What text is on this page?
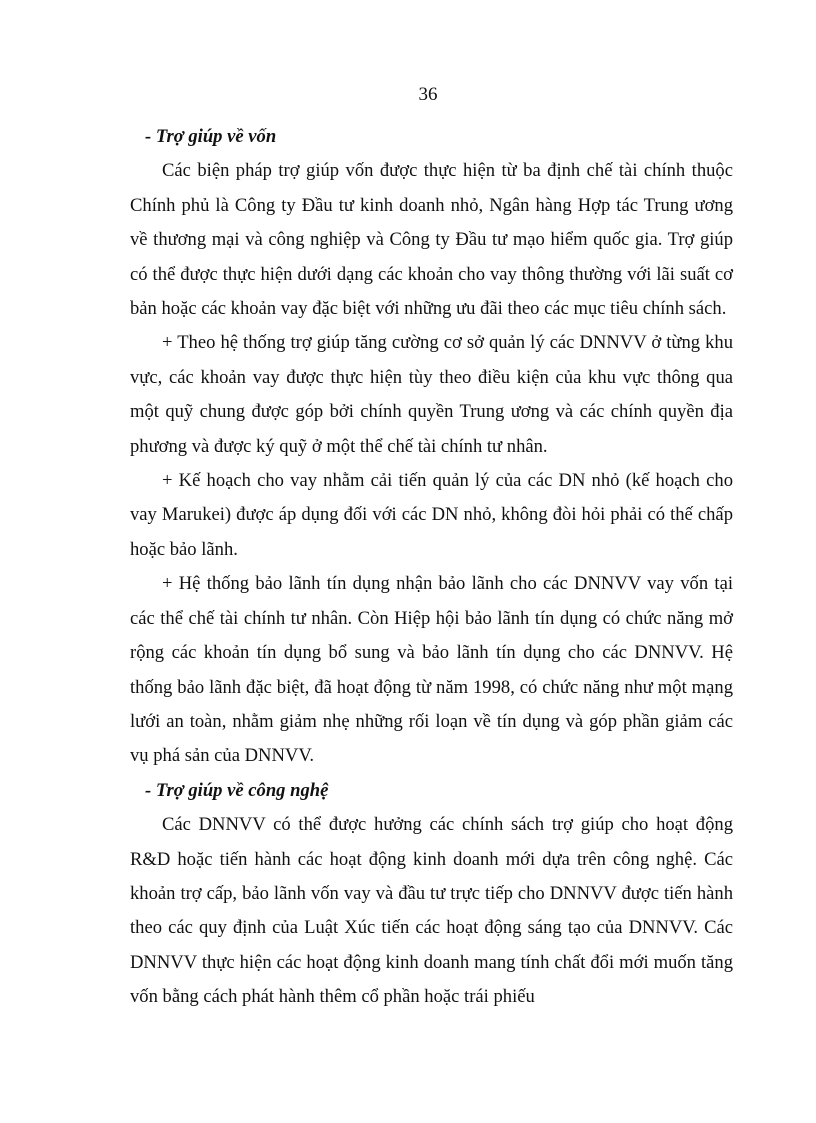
36

- Trợ giúp về vốn

Các biện pháp trợ giúp vốn được thực hiện từ ba định chế tài chính thuộc Chính phủ là Công ty Đầu tư kinh doanh nhỏ, Ngân hàng Hợp tác Trung ương về thương mại và công nghiệp và Công ty Đầu tư mạo hiểm quốc gia. Trợ giúp có thể được thực hiện dưới dạng các khoản cho vay thông thường với lãi suất cơ bản hoặc các khoản vay đặc biệt với những ưu đãi theo các mục tiêu chính sách.

+ Theo hệ thống trợ giúp tăng cường cơ sở quản lý các DNNVV ở từng khu vực, các khoản vay được thực hiện tùy theo điều kiện của khu vực thông qua một quỹ chung được góp bởi chính quyền Trung ương và các chính quyền địa phương và được ký quỹ ở một thể chế tài chính tư nhân.

+ Kế hoạch cho vay nhằm cải tiến quản lý của các DN nhỏ (kế hoạch cho vay Marukei) được áp dụng đối với các DN nhỏ, không đòi hỏi phải có thế chấp hoặc bảo lãnh.

+ Hệ thống bảo lãnh tín dụng nhận bảo lãnh cho các DNNVV vay vốn tại các thể chế tài chính tư nhân. Còn Hiệp hội bảo lãnh tín dụng có chức năng mở rộng các khoản tín dụng bổ sung và bảo lãnh tín dụng cho các DNNVV. Hệ thống bảo lãnh đặc biệt, đã hoạt động từ năm 1998, có chức năng như một mạng lưới an toàn, nhằm giảm nhẹ những rối loạn về tín dụng và góp phần giảm các vụ phá sản của DNNVV.

- Trợ giúp về công nghệ

Các DNNVV có thể được hưởng các chính sách trợ giúp cho hoạt động R&D hoặc tiến hành các hoạt động kinh doanh mới dựa trên công nghệ. Các khoản trợ cấp, bảo lãnh vốn vay và đầu tư trực tiếp cho DNNVV được tiến hành theo các quy định của Luật Xúc tiến các hoạt động sáng tạo của DNNVV. Các DNNVV thực hiện các hoạt động kinh doanh mang tính chất đổi mới muốn tăng vốn bằng cách phát hành thêm cổ phần hoặc trái phiếu
